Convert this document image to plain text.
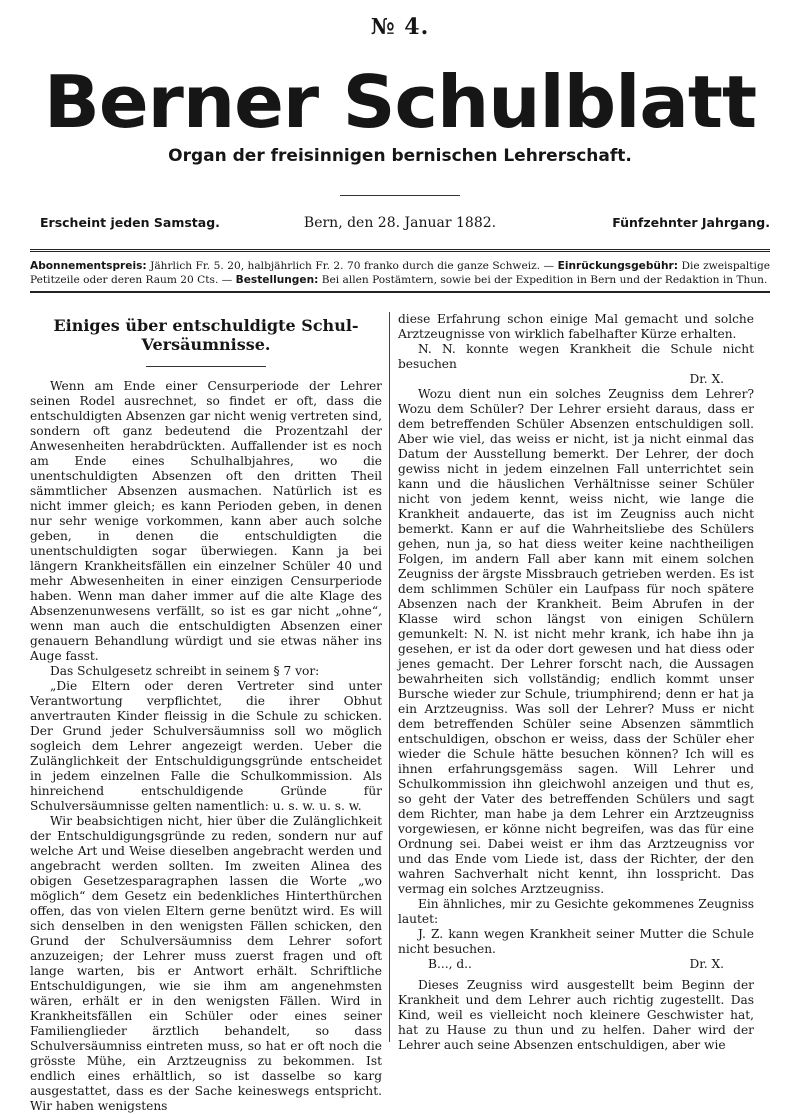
№ 4.
Berner Schulblatt
Organ der freisinnigen bernischen Lehrerschaft.
Erscheint jeden Samstag.	Bern, den 28. Januar 1882.	Fünfzehnter Jahrgang.
Abonnementspreis: Jährlich Fr. 5. 20, halbjährlich Fr. 2. 70 franko durch die ganze Schweiz. — Einrückungsgebühr: Die zweispaltige Petitzeile oder deren Raum 20 Cts. — Bestellungen: Bei allen Postämtern, sowie bei der Expedition in Bern und der Redaktion in Thun.
Einiges über entschuldigte Schul-
Versäumnisse.

Wenn am Ende einer Censurperiode der Lehrer seinen Rodel ausrechnet, so findet er oft, dass die entschuldigten Absenzen gar nicht wenig vertreten sind, sondern oft ganz bedeutend die Prozentzahl der Anwesenheiten herabdrückten. Auffallender ist es noch am Ende eines Schulhalbjahres, wo die unentschuldigten Absenzen oft den dritten Theil sämmtlicher Absenzen ausmachen. Natürlich ist es nicht immer gleich; es kann Perioden geben, in denen nur sehr wenige vorkommen, kann aber auch solche geben, in denen die entschuldigten die unentschuldigten sogar überwiegen. Kann ja bei längern Krankheitsfällen ein einzelner Schüler 40 und mehr Abwesenheiten in einer einzigen Censurperiode haben. Wenn man daher immer auf die alte Klage des Absenzenunwesens verfällt, so ist es gar nicht „ohne“, wenn man auch die entschuldigten Absenzen einer genauern Behandlung würdigt und sie etwas näher ins Auge fasst.

Das Schulgesetz schreibt in seinem § 7 vor:

„Die Eltern oder deren Vertreter sind unter Verantwortung verpflichtet, die ihrer Obhut anvertrauten Kinder fleissig in die Schule zu schicken. Der Grund jeder Schulversäumniss soll wo möglich sogleich dem Lehrer angezeigt werden. Ueber die Zulänglichkeit der Entschuldigungsgründe entscheidet in jedem einzelnen Falle die Schulkommission. Als hinreichend entschuldigende Gründe für Schulversäumnisse gelten namentlich: u. s. w. u. s. w.

Wir beabsichtigen nicht, hier über die Zulänglichkeit der Entschuldigungsgründe zu reden, sondern nur auf welche Art und Weise dieselben angebracht werden und angebracht werden sollten. Im zweiten Alinea des obigen Gesetzesparagraphen lassen die Worte „wo möglich“ dem Gesetz ein bedenkliches Hinterthürchen offen, das von vielen Eltern gerne benützt wird. Es will sich denselben in den wenigsten Fällen schicken, den Grund der Schulversäumniss dem Lehrer sofort anzuzeigen; der Lehrer muss zuerst fragen und oft lange warten, bis er Antwort erhält. Schriftliche Entschuldigungen, wie sie ihm am angenehmsten wären, erhält er in den wenigsten Fällen. Wird in Krankheitsfällen ein Schüler oder eines seiner Familienglieder ärztlich behandelt, so dass Schulversäumniss eintreten muss, so hat er oft noch die grösste Mühe, ein Arztzeugniss zu bekommen. Ist endlich eines erhältlich, so ist dasselbe so karg ausgestattet, dass es der Sache keineswegs entspricht. Wir haben wenigstens

diese Erfahrung schon einige Mal gemacht und solche Arztzeugnisse von wirklich fabelhafter Kürze erhalten.

N. N. konnte wegen Krankheit die Schule nicht besuchen

Dr. X.

Wozu dient nun ein solches Zeugniss dem Lehrer? Wozu dem Schüler? Der Lehrer ersieht daraus, dass er dem betreffenden Schüler Absenzen entschuldigen soll. Aber wie viel, das weiss er nicht, ist ja nicht einmal das Datum der Ausstellung bemerkt. Der Lehrer, der doch gewiss nicht in jedem einzelnen Fall unterrichtet sein kann und die häuslichen Verhältnisse seiner Schüler nicht von jedem kennt, weiss nicht, wie lange die Krankheit andauerte, das ist im Zeugniss auch nicht bemerkt. Kann er auf die Wahrheitsliebe des Schülers gehen, nun ja, so hat diess weiter keine nachtheiligen Folgen, im andern Fall aber kann mit einem solchen Zeugniss der ärgste Missbrauch getrieben werden. Es ist dem schlimmen Schüler ein Laufpass für noch spätere Absenzen nach der Krankheit. Beim Abrufen in der Klasse wird schon längst von einigen Schülern gemunkelt: N. N. ist nicht mehr krank, ich habe ihn ja gesehen, er ist da oder dort gewesen und hat diess oder jenes gemacht. Der Lehrer forscht nach, die Aussagen bewahrheiten sich vollständig; endlich kommt unser Bursche wieder zur Schule, triumphirend; denn er hat ja ein Arztzeugniss. Was soll der Lehrer? Muss er nicht dem betreffenden Schüler seine Absenzen sämmtlich entschuldigen, obschon er weiss, dass der Schüler eher wieder die Schule hätte besuchen können? Ich will es ihnen erfahrungsgemäss sagen. Will Lehrer und Schulkommission ihn gleichwohl anzeigen und thut es, so geht der Vater des betreffenden Schülers und sagt dem Richter, man habe ja dem Lehrer ein Arztzeugniss vorgewiesen, er könne nicht begreifen, was das für eine Ordnung sei. Dabei weist er ihm das Arztzeugniss vor und das Ende vom Liede ist, dass der Richter, der den wahren Sachverhalt nicht kennt, ihn losspricht. Das vermag ein solches Arztzeugniss.

Ein ähnliches, mir zu Gesichte gekommenes Zeugniss lautet:

J. Z. kann wegen Krankheit seiner Mutter die Schule nicht besuchen.

B..., d..	Dr. X.

Dieses Zeugniss wird ausgestellt beim Beginn der Krankheit und dem Lehrer auch richtig zugestellt. Das Kind, weil es vielleicht noch kleinere Geschwister hat, hat zu Hause zu thun und zu helfen. Daher wird der Lehrer auch seine Absenzen entschuldigen, aber wie
